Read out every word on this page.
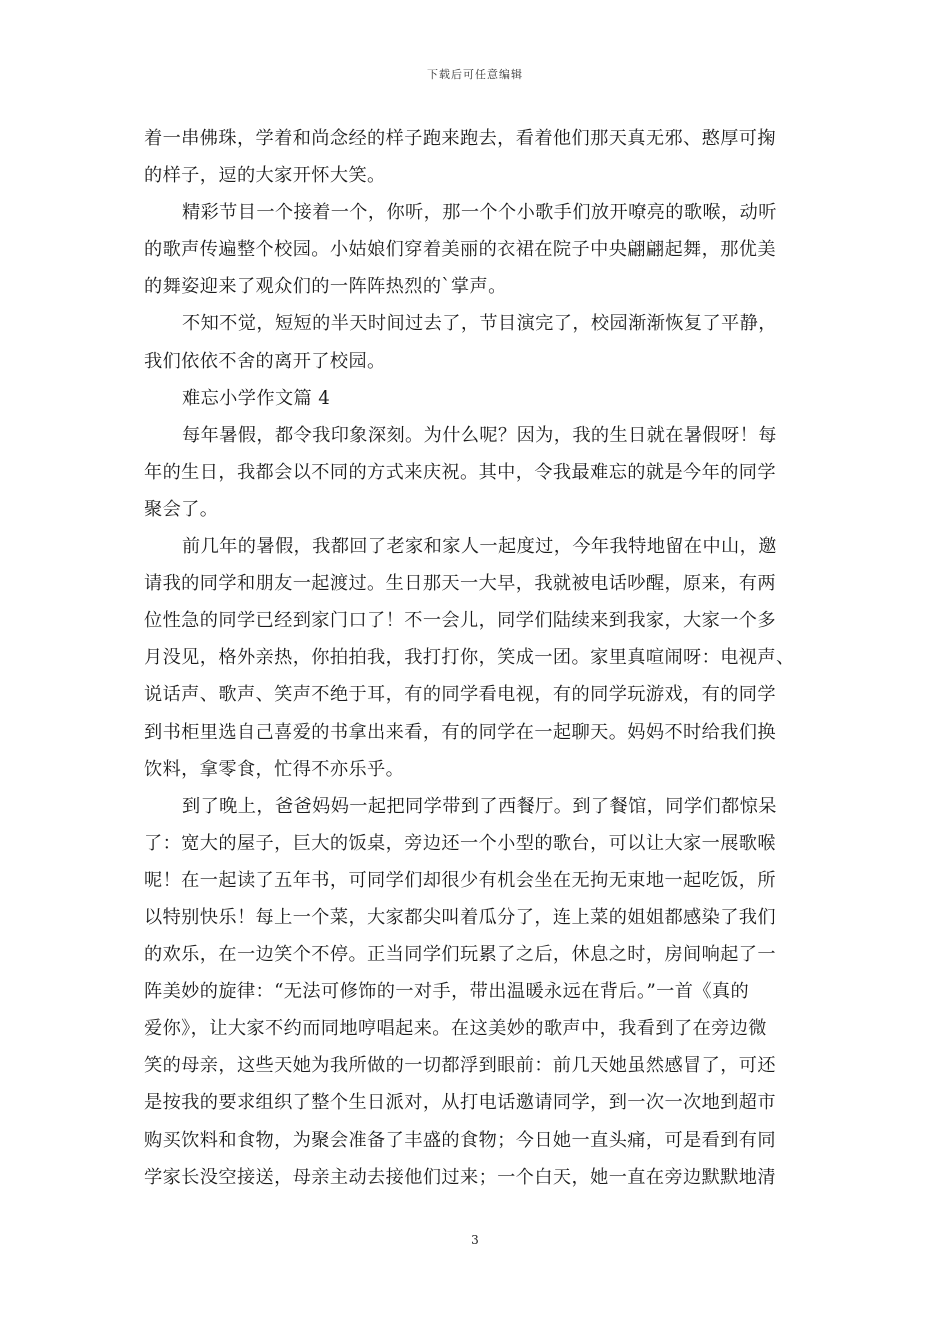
下载后可任意编辑
着一串佛珠，学着和尚念经的样子跑来跑去，看着他们那天真无邪、憨厚可掬
的样子，逗的大家开怀大笑。
精彩节目一个接着一个，你听，那一个个小歌手们放开嘹亮的歌喉，动听
的歌声传遍整个校园。小姑娘们穿着美丽的衣裙在院子中央翩翩起舞，那优美
的舞姿迎来了观众们的一阵阵热烈的`掌声。
不知不觉，短短的半天时间过去了，节目演完了，校园渐渐恢复了平静，
我们依依不舍的离开了校园。
难忘小学作文篇 4
每年暑假，都令我印象深刻。为什么呢？因为，我的生日就在暑假呀！每
年的生日，我都会以不同的方式来庆祝。其中，令我最难忘的就是今年的同学
聚会了。
前几年的暑假，我都回了老家和家人一起度过，今年我特地留在中山，邀
请我的同学和朋友一起渡过。生日那天一大早，我就被电话吵醒，原来，有两
位性急的同学已经到家门口了！不一会儿，同学们陆续来到我家，大家一个多
月没见，格外亲热，你拍拍我，我打打你，笑成一团。家里真喧闹呀：电视声、
说话声、歌声、笑声不绝于耳，有的同学看电视，有的同学玩游戏，有的同学
到书柜里选自己喜爱的书拿出来看，有的同学在一起聊天。妈妈不时给我们换
饮料，拿零食，忙得不亦乐乎。
到了晚上，爸爸妈妈一起把同学带到了西餐厅。到了餐馆，同学们都惊呆
了：宽大的屋子，巨大的饭桌，旁边还一个小型的歌台，可以让大家一展歌喉
呢！在一起读了五年书，可同学们却很少有机会坐在无拘无束地一起吃饭，所
以特别快乐！每上一个菜，大家都尖叫着瓜分了，连上菜的姐姐都感染了我们
的欢乐，在一边笑个不停。正当同学们玩累了之后，休息之时，房间响起了一
阵美妙的旋律：“无法可修饰的一对手，带出温暖永远在背后。”一首《真的
爱你》，让大家不约而同地哼唱起来。在这美妙的歌声中，我看到了在旁边微
笑的母亲，这些天她为我所做的一切都浮到眼前：前几天她虽然感冒了，可还
是按我的要求组织了整个生日派对，从打电话邀请同学，到一次一次地到超市
购买饮料和食物，为聚会准备了丰盛的食物；今日她一直头痛，可是看到有同
学家长没空接送，母亲主动去接他们过来；一个白天，她一直在旁边默默地清
3
